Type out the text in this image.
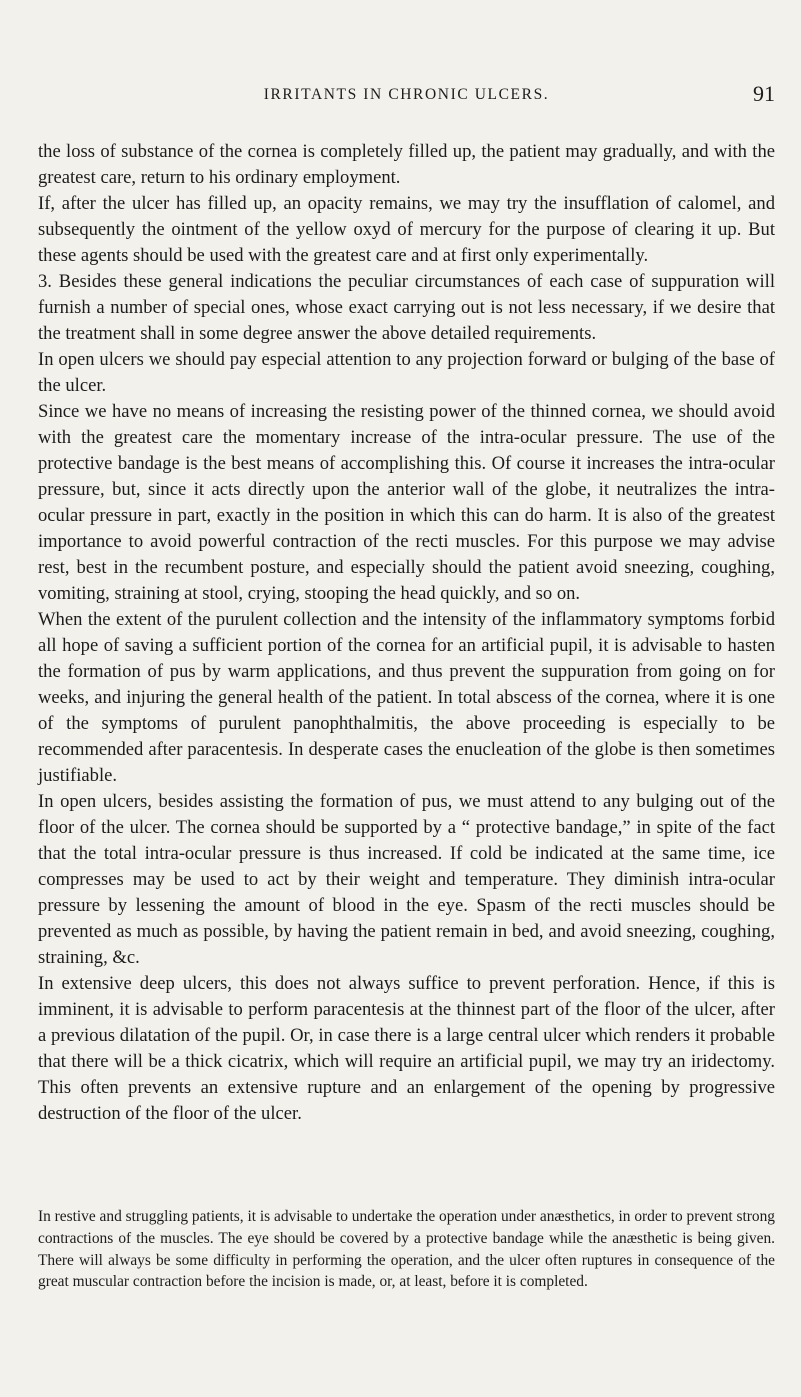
IRRITANTS IN CHRONIC ULCERS.	91

the loss of substance of the cornea is completely filled up, the patient may gradually, and with the greatest care, return to his ordinary employment.

If, after the ulcer has filled up, an opacity remains, we may try the insufflation of calomel, and subsequently the ointment of the yellow oxyd of mercury for the purpose of clearing it up. But these agents should be used with the greatest care and at first only experimentally.

3. Besides these general indications the peculiar circumstances of each case of suppuration will furnish a number of special ones, whose exact carrying out is not less necessary, if we desire that the treatment shall in some degree answer the above detailed requirements.

In open ulcers we should pay especial attention to any projection forward or bulging of the base of the ulcer.

Since we have no means of increasing the resisting power of the thinned cornea, we should avoid with the greatest care the momentary increase of the intra-ocular pressure. The use of the protective bandage is the best means of accomplishing this. Of course it increases the intra-ocular pressure, but, since it acts directly upon the anterior wall of the globe, it neutralizes the intra-ocular pressure in part, exactly in the position in which this can do harm. It is also of the greatest importance to avoid powerful contraction of the recti muscles. For this purpose we may advise rest, best in the recumbent posture, and especially should the patient avoid sneezing, coughing, vomiting, straining at stool, crying, stooping the head quickly, and so on.

When the extent of the purulent collection and the intensity of the inflammatory symptoms forbid all hope of saving a sufficient portion of the cornea for an artificial pupil, it is advisable to hasten the formation of pus by warm applications, and thus prevent the suppuration from going on for weeks, and injuring the general health of the patient. In total abscess of the cornea, where it is one of the symptoms of purulent panophthalmitis, the above proceeding is especially to be recommended after paracentesis. In desperate cases the enucleation of the globe is then sometimes justifiable.

In open ulcers, besides assisting the formation of pus, we must attend to any bulging out of the floor of the ulcer. The cornea should be supported by a “ protective bandage,” in spite of the fact that the total intra-ocular pressure is thus increased. If cold be indicated at the same time, ice compresses may be used to act by their weight and temperature. They diminish intra-ocular pressure by lessening the amount of blood in the eye. Spasm of the recti muscles should be prevented as much as possible, by having the patient remain in bed, and avoid sneezing, coughing, straining, &c.

In extensive deep ulcers, this does not always suffice to prevent perforation. Hence, if this is imminent, it is advisable to perform paracentesis at the thinnest part of the floor of the ulcer, after a previous dilatation of the pupil. Or, in case there is a large central ulcer which renders it probable that there will be a thick cicatrix, which will require an artificial pupil, we may try an iridectomy. This often prevents an extensive rupture and an enlargement of the opening by progressive destruction of the floor of the ulcer.

In restive and struggling patients, it is advisable to undertake the operation under anæsthetics, in order to prevent strong contractions of the muscles. The eye should be covered by a protective bandage while the anæsthetic is being given. There will always be some difficulty in performing the operation, and the ulcer often ruptures in consequence of the great muscular contraction before the incision is made, or, at least, before it is completed.
